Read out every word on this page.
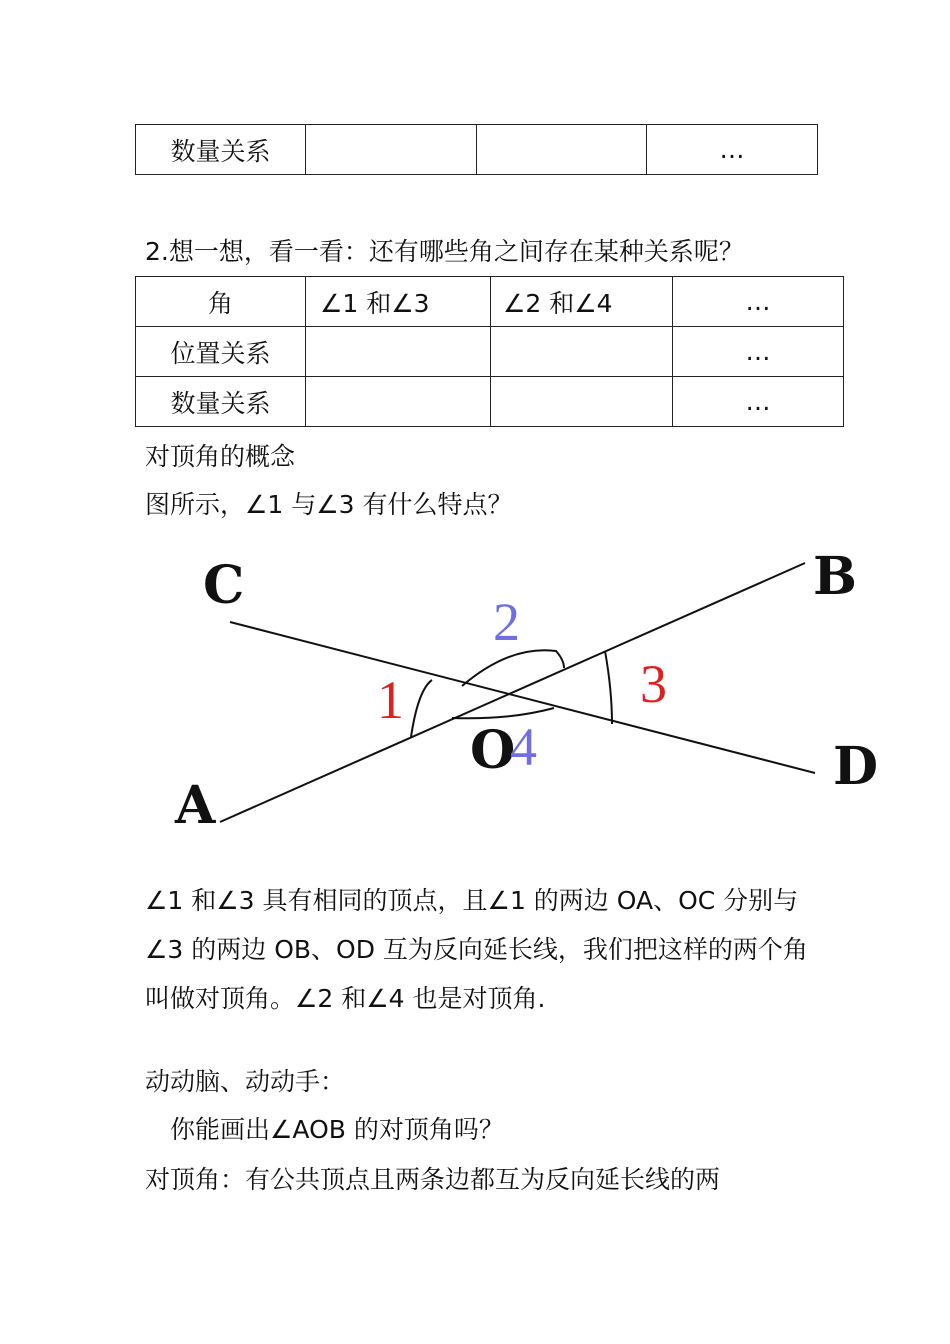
数量关系			…
2.想一想，看一看：还有哪些角之间存在某种关系呢？
角	∠1 和∠3	∠2 和∠4	…
位置关系			…
数量关系			…
对顶角的概念
图所示，∠1 与∠3 有什么特点？
C	B
A
D
O
1
2
3
4
∠1 和∠3 具有相同的顶点，且∠1 的两边 OA、OC 分别与∠3 的两边 OB、OD 互为反向延长线，我们把这样的两个角叫做对顶角。∠2 和∠4 也是对顶角.
动动脑、动动手：
你能画出∠AOB 的对顶角吗？
对顶角：有公共顶点且两条边都互为反向延长线的两
